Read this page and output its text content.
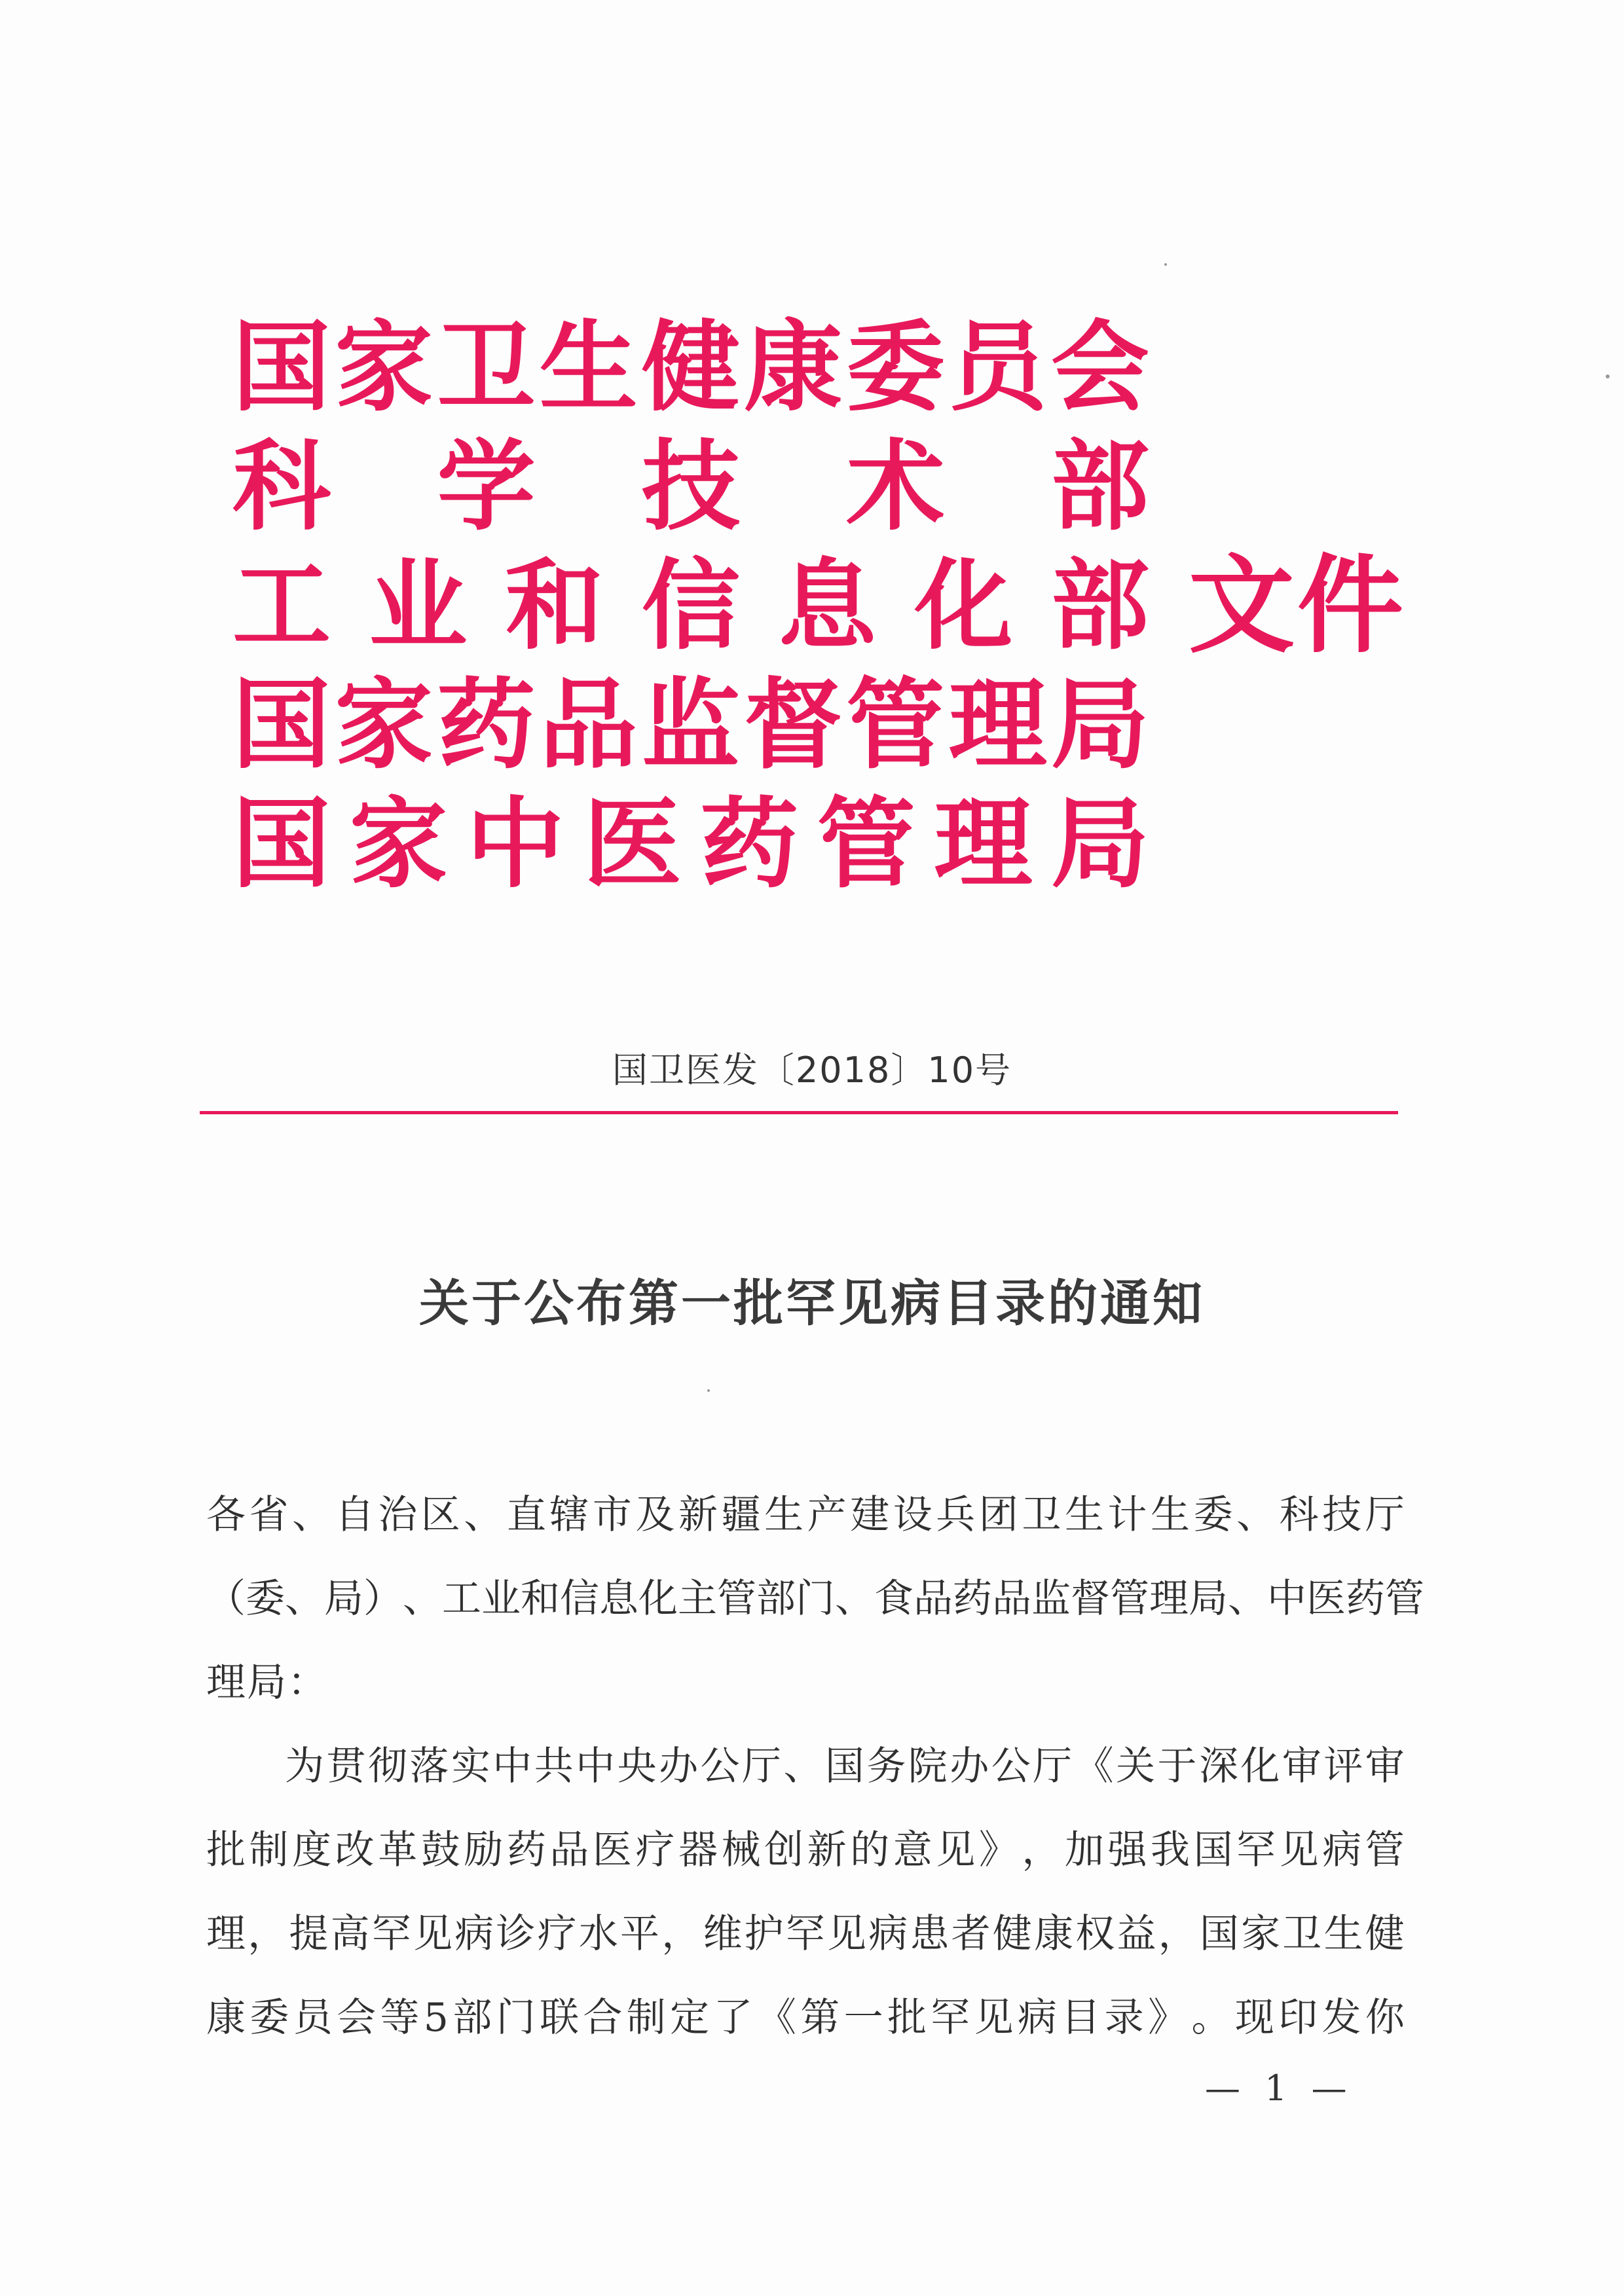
国 家 卫 生 健 康 委 员 会
科 学 技 术 部
工 业 和 信 息 化 部 文件
国 家 药 品 监 督 管 理 局
国 家 中 医 药 管 理 局
国卫医发〔2018〕10号
关于公布第一批罕见病目录的通知
各 省 、 自 治 区 、 直 辖 市 及 新 疆 生 产 建 设 兵 团 卫 生 计 生 委 、 科 技 厅
（ 委 、 局 ） 、 工 业 和 信 息 化 主 管 部 门 、 食 品 药 品 监 督 管 理 局 、 中 医 药 管
理局：
为 贯 彻 落 实 中 共 中 央 办 公 厅 、 国 务 院 办 公 厅 《 关 于 深 化 审 评 审
批 制 度 改 革 鼓 励 药 品 医 疗 器 械 创 新 的 意 见 》 ， 加 强 我 国 罕 见 病 管
理 ， 提 高 罕 见 病 诊 疗 水 平 ， 维 护 罕 见 病 患 者 健 康 权 益 ， 国 家 卫 生 健
康 委 员 会 等 5 部 门 联 合 制 定 了 《 第 一 批 罕 见 病 目 录 》 。 现 印 发 你
— 1 —
